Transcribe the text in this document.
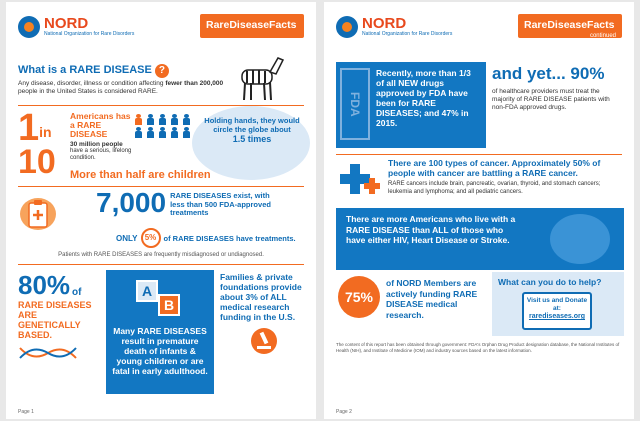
NORD
National Organization for Rare Disorders
RareDiseaseFacts
What is a RARE DISEASE ?
Any disease, disorder, illness or condition affecting fewer than 200,000 people in the United States is considered RARE.
1 in
10
Americans has a RARE DISEASE
30 million people
have a serious, lifelong condition.
Holding hands, they would circle the globe about
1.5 times
More than half are children
7,000 RARE DISEASES exist, with less than 500 FDA-approved treatments
ONLY 5% of RARE DISEASES have treatments.
Patients with RARE DISEASES are frequently misdiagnosed or undiagnosed.
80% of
RARE DISEASES ARE GENETICALLY BASED.
A
B
Many RARE DISEASES result in premature death of infants & young children or are fatal in early adulthood.
Families & private foundations provide about 3% of ALL medical research funding in the U.S.
Page 1
NORD
National Organization for Rare Disorders
RareDiseaseFacts
continued
FDA
Recently, more than 1/3 of all NEW drugs approved by FDA have been for RARE DISEASES; and 47% in 2015.
and yet... 90%
of healthcare providers must treat the majority of RARE DISEASE patients with non-FDA approved drugs.
There are 100 types of cancer. Approximately 50% of people with cancer are battling a RARE cancer.
RARE cancers include brain, pancreatic, ovarian, thyroid, and stomach cancers; leukemia and lymphoma; and all pediatric cancers.
There are more Americans who live with a RARE DISEASE than ALL of those who have either HIV, Heart Disease or Stroke.
75%
of NORD Members are actively funding RARE DISEASE medical research.
What can you do to help?
Visit us and Donate at:
rarediseases.org
The content of this report has been obtained through government: FDA's Orphan Drug Product designation database, the National Institutes of Health (NIH), and Institute of Medicine (IOM) and industry sources based on the latest information.
Page 2
